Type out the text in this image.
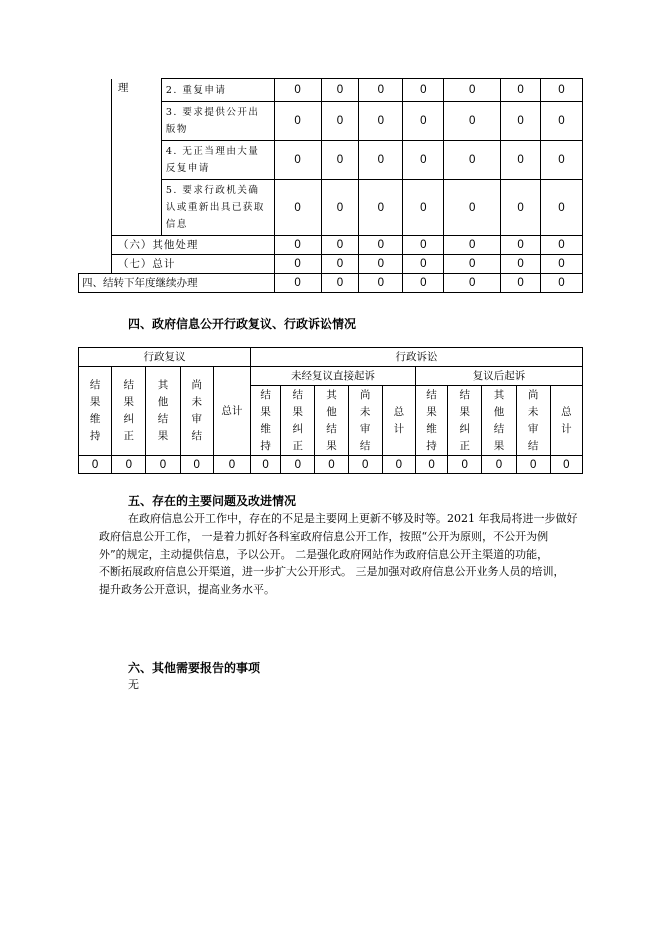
	理	2. 重复申请	0	0	0	0	0	0	0
		3. 要求提供公开出版物	0	0	0	0	0	0	0
		4. 无正当理由大量反复申请	0	0	0	0	0	0	0
		5. 要求行政机关确认或重新出具已获取信息	0	0	0	0	0	0	0
	（六）其他处理		0	0	0	0	0	0	0
	（七）总计		0	0	0	0	0	0	0
四、结转下年度继续办理			0	0	0	0	0	0	0
四、政府信息公开行政复议、行政诉讼情况
行政复议					行政诉讼									

结果维持	结果纠正	其他结果	尚未审结	总计	未经复议直接起诉					复议后起诉				

					结果维持	结果纠正	其他结果	尚未审结	总计	结果维持	结果纠正	其他结果	尚未审结	总计

0	0	0	0	0	0	0	0	0	0	0	0	0	0	0
五、存在的主要问题及改进情况
在政府信息公开工作中，存在的不足是主要网上更新不够及时等。2021 年我局将进一步做好
政府信息公开工作， 一是着力抓好各科室政府信息公开工作，按照“公开为原则，不公开为例
外”的规定，主动提供信息，予以公开。 二是强化政府网站作为政府信息公开主渠道的功能，
不断拓展政府信息公开渠道，进一步扩大公开形式。 三是加强对政府信息公开业务人员的培训，
提升政务公开意识，提高业务水平。
六、其他需要报告的事项
无
